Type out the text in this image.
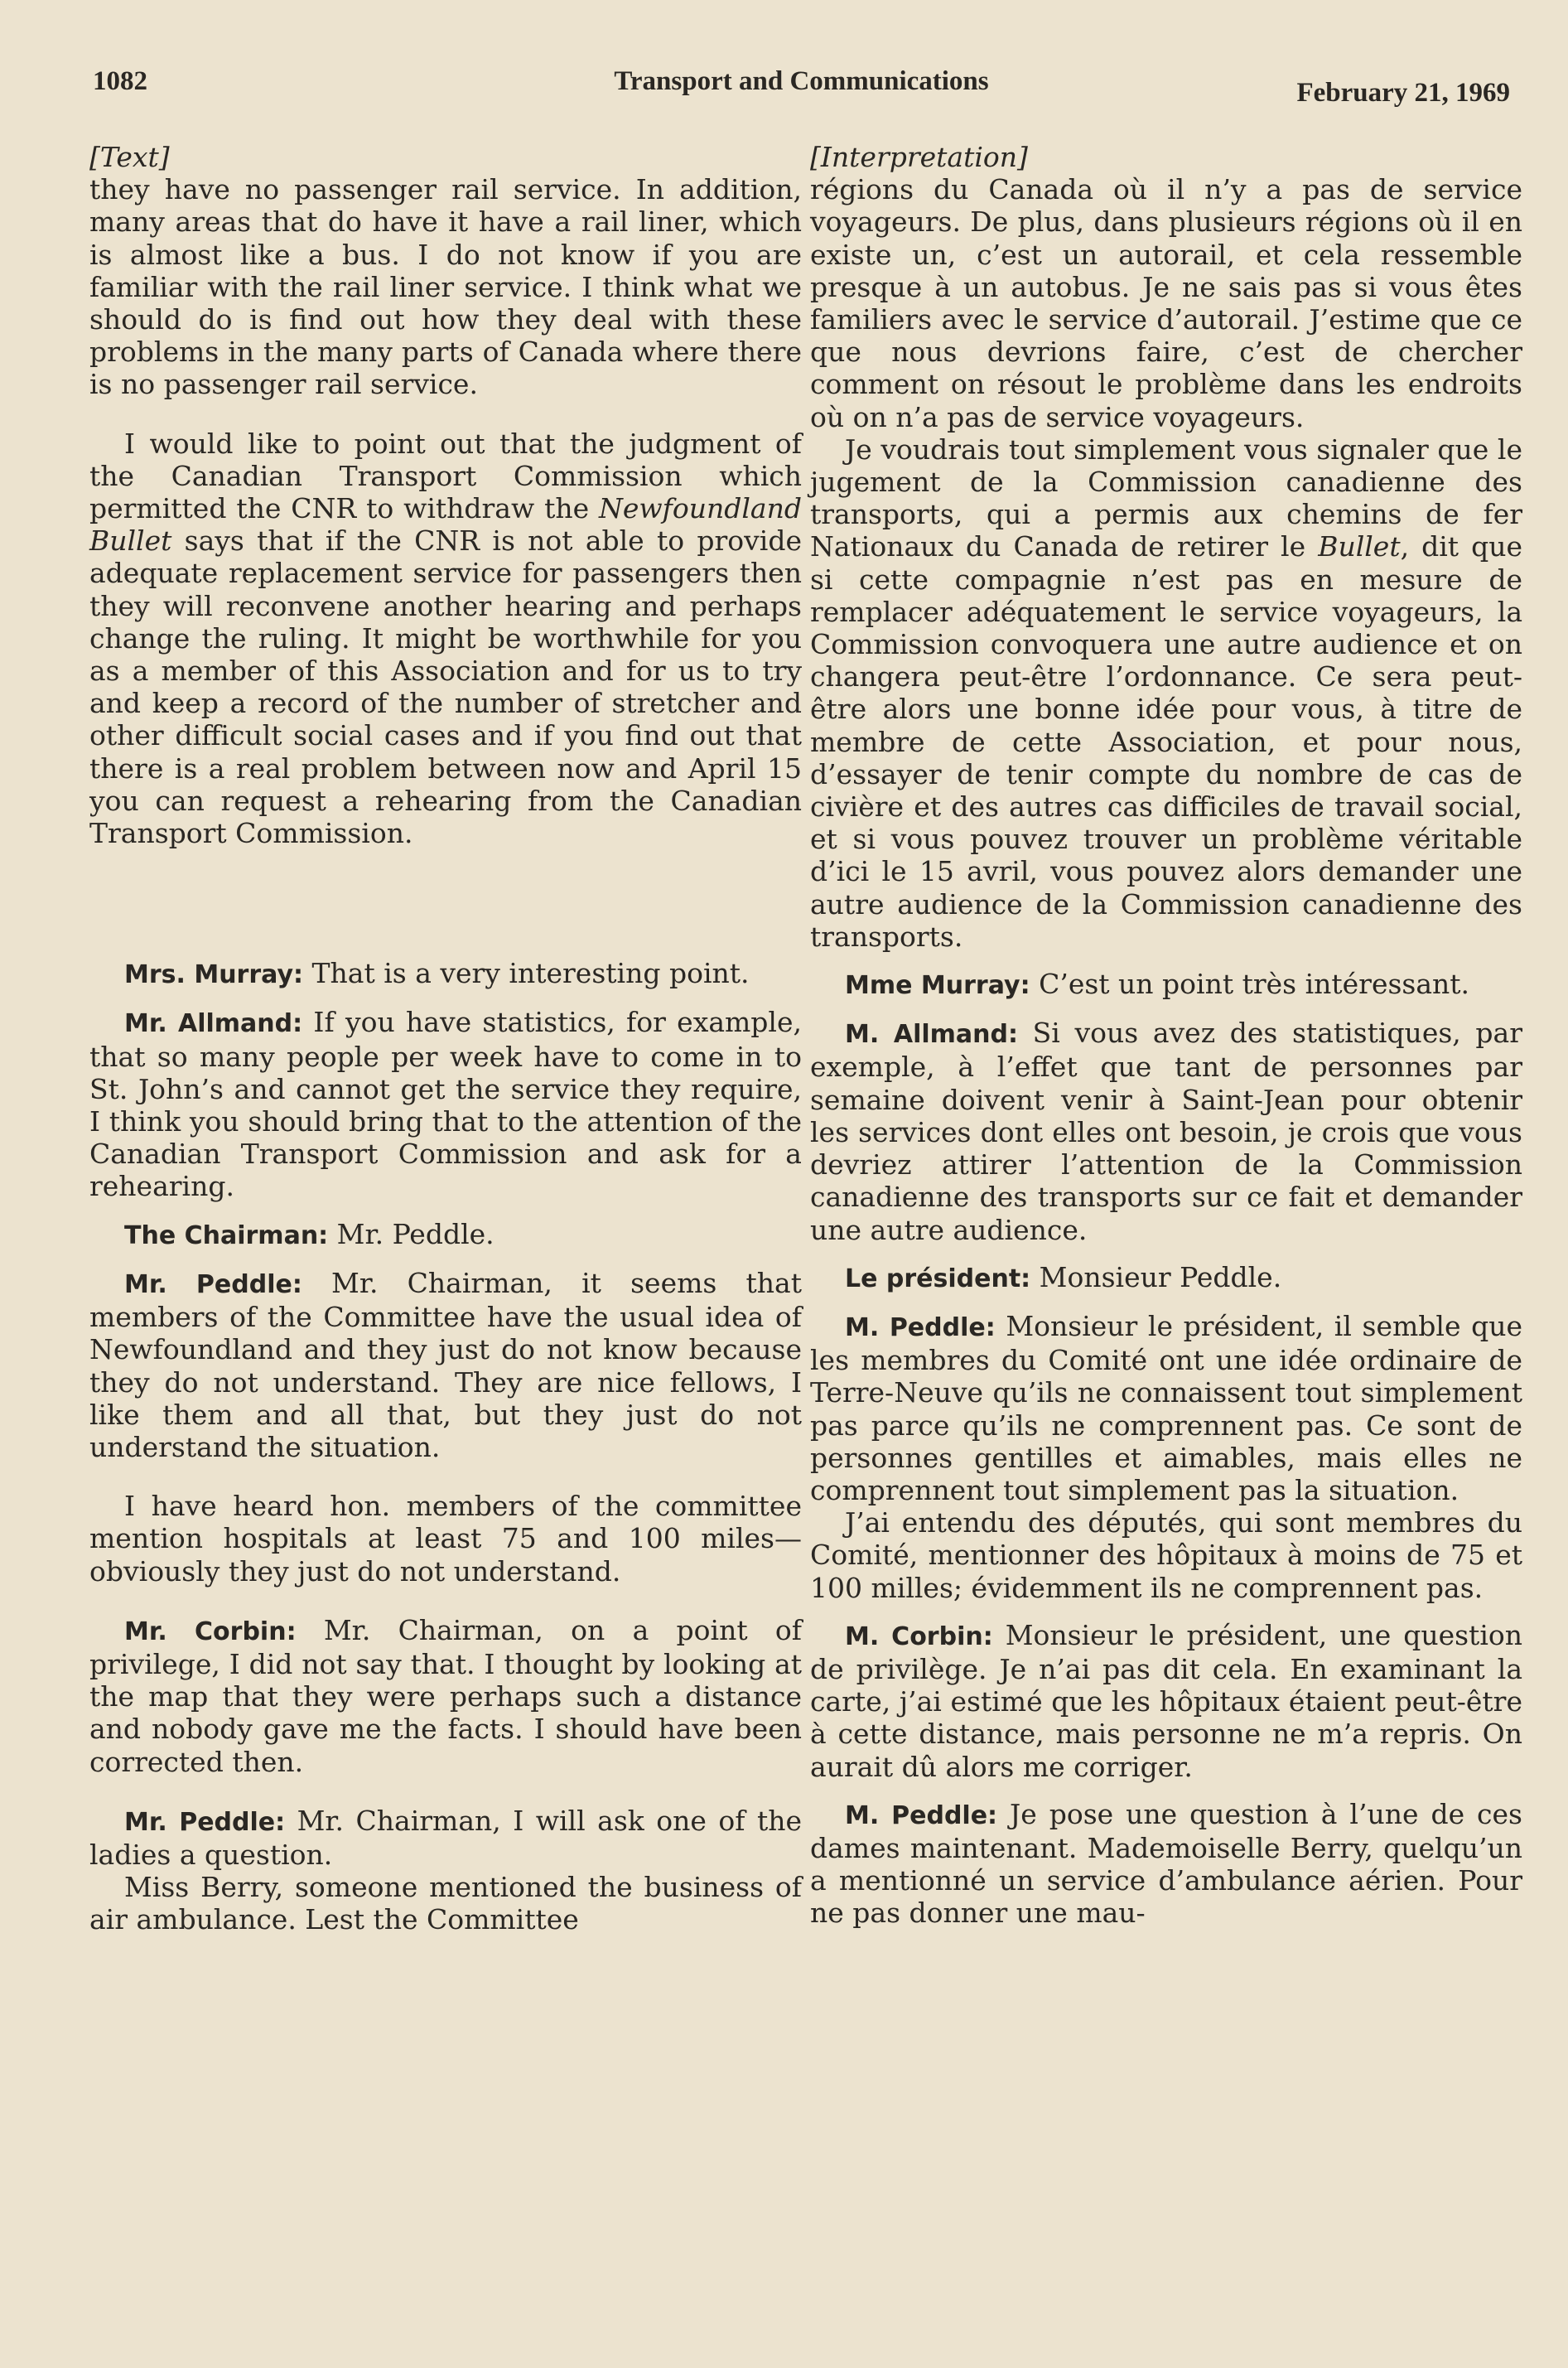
1082	Transport and Communications	February 21, 1969

[Text]

they have no passenger rail service. In addition, many areas that do have it have a rail liner, which is almost like a bus. I do not know if you are familiar with the rail liner service. I think what we should do is find out how they deal with these problems in the many parts of Canada where there is no passenger rail service.

I would like to point out that the judgment of the Canadian Transport Commission which permitted the CNR to withdraw the Newfoundland Bullet says that if the CNR is not able to provide adequate replacement service for passengers then they will reconvene another hearing and perhaps change the ruling. It might be worthwhile for you as a member of this Association and for us to try and keep a record of the number of stretcher and other difficult social cases and if you find out that there is a real problem between now and April 15 you can request a rehearing from the Canadian Transport Commission.

Mrs. Murray: That is a very interesting point.

Mr. Allmand: If you have statistics, for example, that so many people per week have to come in to St. John’s and cannot get the service they require, I think you should bring that to the attention of the Canadian Transport Commission and ask for a rehearing.

The Chairman: Mr. Peddle.

Mr. Peddle: Mr. Chairman, it seems that members of the Committee have the usual idea of Newfoundland and they just do not know because they do not understand. They are nice fellows, I like them and all that, but they just do not understand the situation.

I have heard hon. members of the committee mention hospitals at least 75 and 100 miles—obviously they just do not understand.

Mr. Corbin: Mr. Chairman, on a point of privilege, I did not say that. I thought by looking at the map that they were perhaps such a distance and nobody gave me the facts. I should have been corrected then.

Mr. Peddle: Mr. Chairman, I will ask one of the ladies a question.

Miss Berry, someone mentioned the business of air ambulance. Lest the Committee

[Interpretation]

régions du Canada où il n’y a pas de service voyageurs. De plus, dans plusieurs régions où il en existe un, c’est un autorail, et cela ressemble presque à un autobus. Je ne sais pas si vous êtes familiers avec le service d’autorail. J’estime que ce que nous devrions faire, c’est de chercher comment on résout le problème dans les endroits où on n’a pas de service voyageurs.

Je voudrais tout simplement vous signaler que le jugement de la Commission canadienne des transports, qui a permis aux chemins de fer Nationaux du Canada de retirer le Bullet, dit que si cette compagnie n’est pas en mesure de remplacer adéquatement le service voyageurs, la Commission convoquera une autre audience et on changera peut-être l’ordonnance. Ce sera peut-être alors une bonne idée pour vous, à titre de membre de cette Association, et pour nous, d’essayer de tenir compte du nombre de cas de civière et des autres cas difficiles de travail social, et si vous pouvez trouver un problème véritable d’ici le 15 avril, vous pouvez alors demander une autre audience de la Commission canadienne des transports.

Mme Murray: C’est un point très intéressant.

M. Allmand: Si vous avez des statistiques, par exemple, à l’effet que tant de personnes par semaine doivent venir à Saint-Jean pour obtenir les services dont elles ont besoin, je crois que vous devriez attirer l’attention de la Commission canadienne des transports sur ce fait et demander une autre audience.

Le président: Monsieur Peddle.

M. Peddle: Monsieur le président, il semble que les membres du Comité ont une idée ordinaire de Terre-Neuve qu’ils ne connaissent tout simplement pas parce qu’ils ne comprennent pas. Ce sont de personnes gentilles et aimables, mais elles ne comprennent tout simplement pas la situation.

J’ai entendu des députés, qui sont membres du Comité, mentionner des hôpitaux à moins de 75 et 100 milles; évidemment ils ne comprennent pas.

M. Corbin: Monsieur le président, une question de privilège. Je n’ai pas dit cela. En examinant la carte, j’ai estimé que les hôpitaux étaient peut-être à cette distance, mais personne ne m’a repris. On aurait dû alors me corriger.

M. Peddle: Je pose une question à l’une de ces dames maintenant. Mademoiselle Berry, quelqu’un a mentionné un service d’ambulance aérien. Pour ne pas donner une mau-
